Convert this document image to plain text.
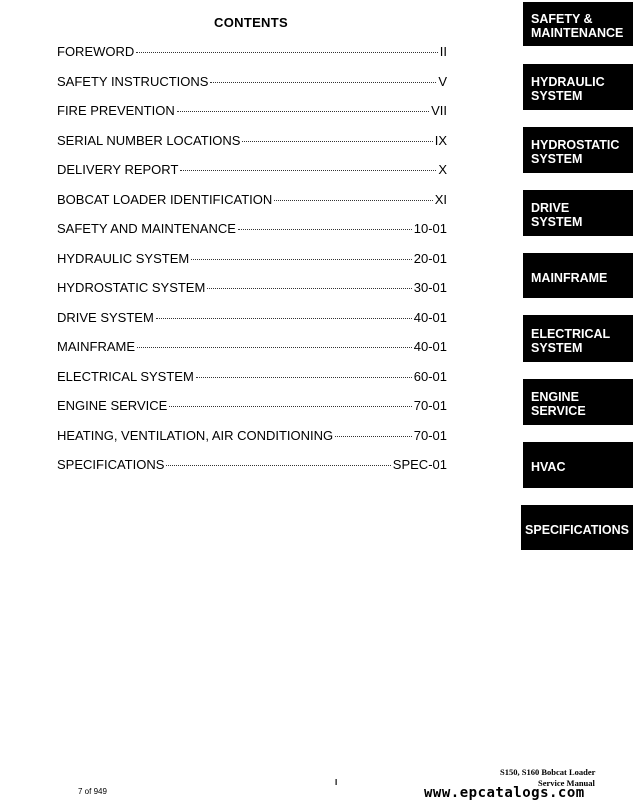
CONTENTS
FOREWORD	II
SAFETY INSTRUCTIONS	V
FIRE PREVENTION	VII
SERIAL NUMBER LOCATIONS	IX
DELIVERY REPORT	X
BOBCAT LOADER IDENTIFICATION	XI
SAFETY AND MAINTENANCE	10-01
HYDRAULIC SYSTEM	20-01
HYDROSTATIC SYSTEM	30-01
DRIVE SYSTEM	40-01
MAINFRAME	40-01
ELECTRICAL SYSTEM	60-01
ENGINE SERVICE	70-01
HEATING, VENTILATION, AIR CONDITIONING	70-01
SPECIFICATIONS	SPEC-01
SAFETY &
MAINTENANCE
HYDRAULIC
SYSTEM
HYDROSTATIC
SYSTEM
DRIVE
SYSTEM
MAINFRAME
ELECTRICAL
SYSTEM
ENGINE
SERVICE
HVAC
SPECIFICATIONS
7 of 949
I
S150, S160 Bobcat Loader
Service Manual
www.epcatalogs.com
